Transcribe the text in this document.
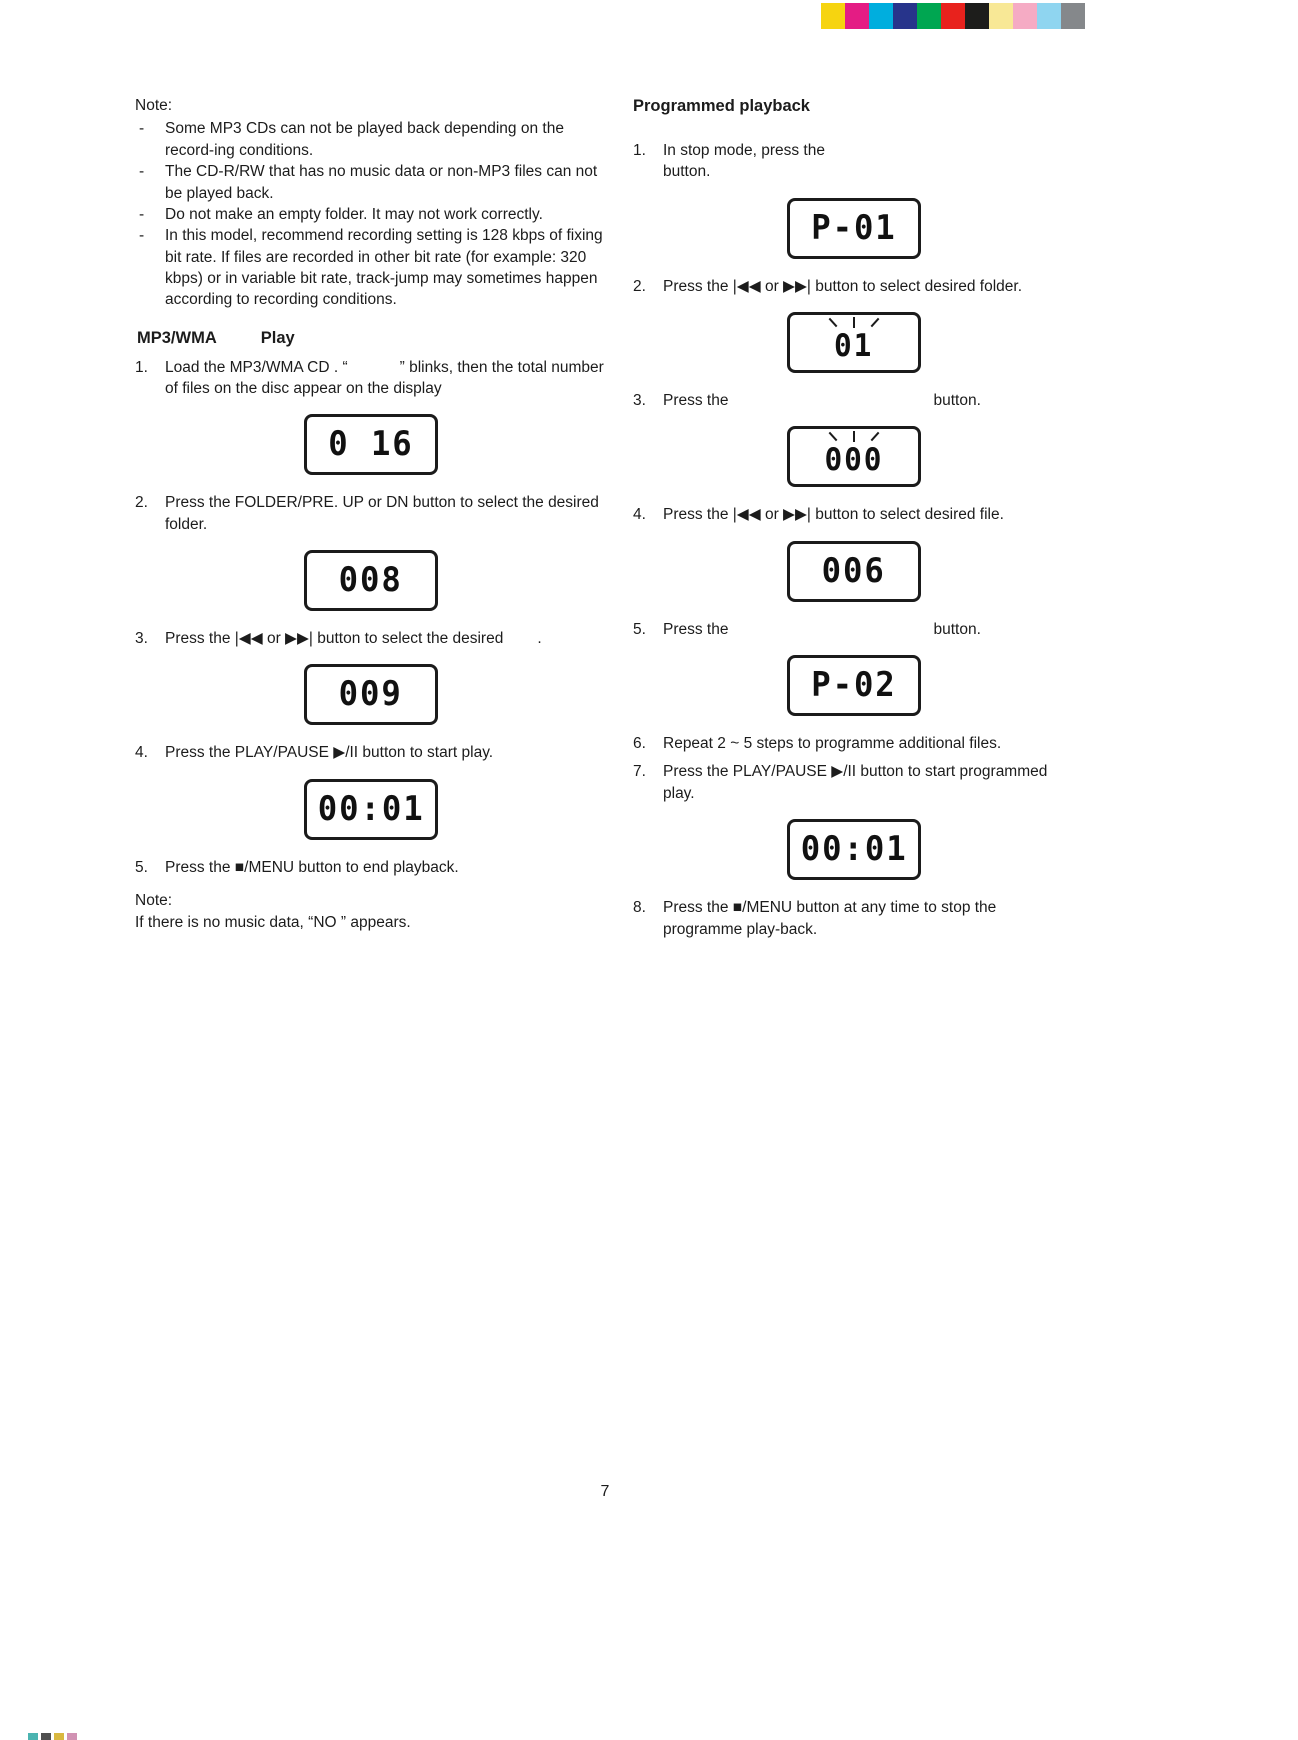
Note:
-	Some MP3 CDs can not be played back depending on the record-ing conditions.
-	The CD-R/RW that has no music data or non-MP3 files can not be played back.
-	Do not make an empty folder. It may not work correctly.
-	In this model, recommend recording setting is 128 kbps of fixing bit rate. If files are recorded in other bit rate (for example: 320 kbps) or in variable bit rate, track-jump may sometimes happen according to recording conditions.
MP3/WMA	Play
1.	Load the MP3/WMA CD . “	” blinks, then the total number of files on the disc appear on the display
0 16
2.	Press the FOLDER/PRE. UP or DN button to select the desired folder.
008
3.	Press the |◀◀ or ▶▶| button to select the desired .
009
4.	Press the PLAY/PAUSE ▶/II button to start play.
00:01
5.	Press the ■/MENU button to end playback.
Note:
If there is no music data, “NO ” appears.
Programmed playback
1.	In stop mode, press thebutton.
P-01
2.	Press the |◀◀ or ▶▶| button to select desired folder.
01
3.	Press the	button.
000
4.	Press the |◀◀ or ▶▶| button to select desired file.
006
5.	Press the	button.
P-02
6.	Repeat 2 ~ 5 steps to programme additional files.
7.	Press the PLAY/PAUSE ▶/II button to start programmed play.
00:01
8.	Press the ■/MENU button at any time to stop the programme play-back.
7
